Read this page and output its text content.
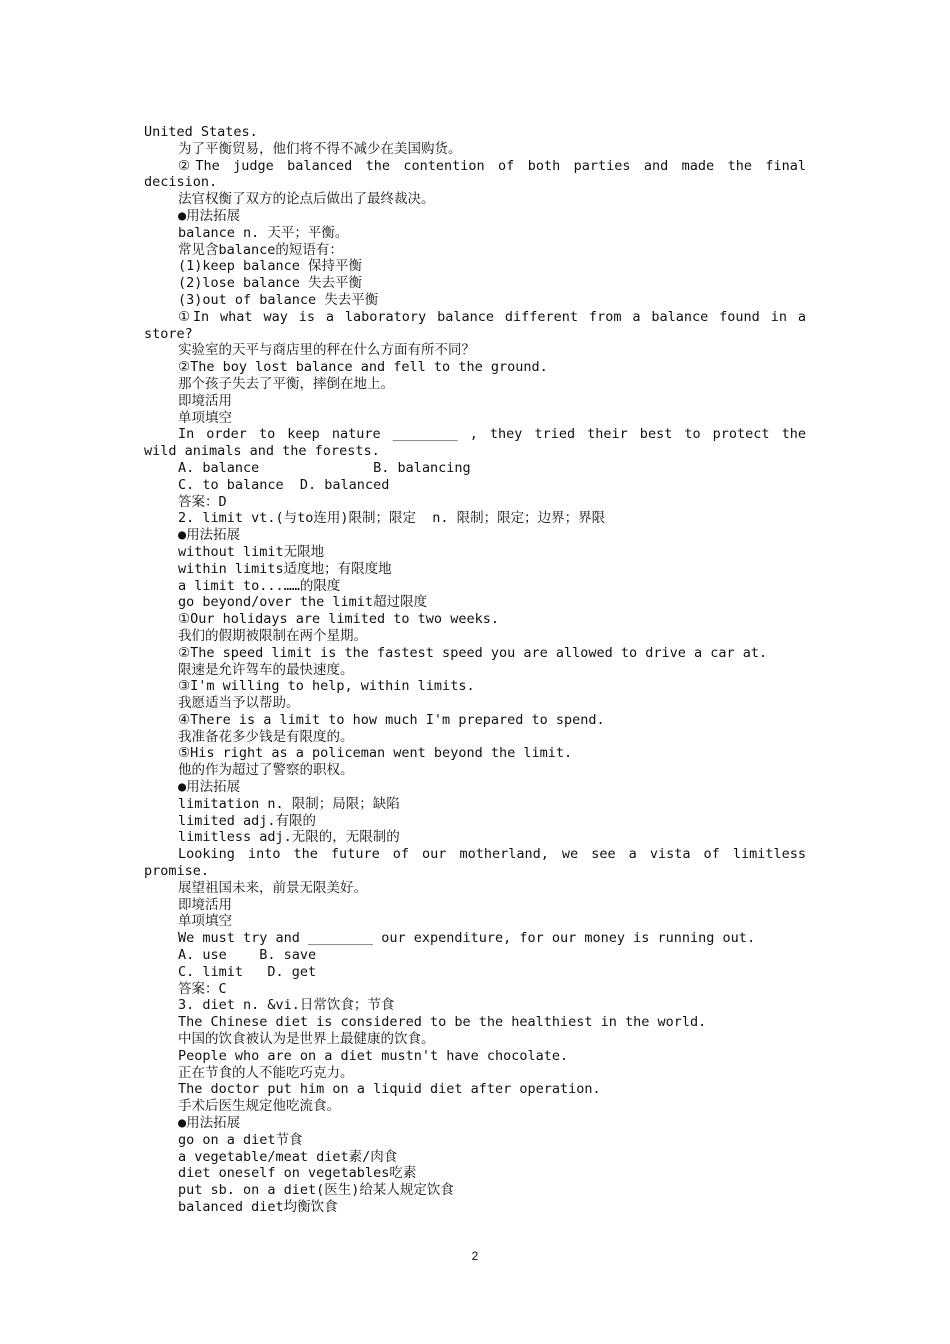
United States.
为了平衡贸易，他们将不得不减少在美国购货。
②The judge balanced the contention of both parties and made the final
decision.
法官权衡了双方的论点后做出了最终裁决。
●用法拓展
balance n. 天平；平衡。
常见含balance的短语有：
(1)keep balance 保持平衡
(2)lose balance 失去平衡
(3)out of balance 失去平衡
①In what way is a laboratory balance different from a balance found in a
store?
实验室的天平与商店里的秤在什么方面有所不同？
②The boy lost balance and fell to the ground.
那个孩子失去了平衡，摔倒在地上。
即境活用
单项填空
In order to keep nature ________ , they tried their best to protect the
wild animals and the forests.
A. balance              B. balancing
C. to balance  D. balanced
答案：D
2. limit vt.(与to连用)限制；限定  n. 限制；限定；边界；界限
●用法拓展
without limit无限地
within limits适度地；有限度地
a limit to...……的限度
go beyond/over the limit超过限度
①Our holidays are limited to two weeks.
我们的假期被限制在两个星期。
②The speed limit is the fastest speed you are allowed to drive a car at.
限速是允许驾车的最快速度。
③I'm willing to help, within limits.
我愿适当予以帮助。
④There is a limit to how much I'm prepared to spend.
我准备花多少钱是有限度的。
⑤His right as a policeman went beyond the limit.
他的作为超过了警察的职权。
●用法拓展
limitation n. 限制；局限；缺陷
limited adj.有限的
limitless adj.无限的，无限制的
Looking into the future of our motherland, we see a vista of limitless
promise.
展望祖国未来，前景无限美好。
即境活用
单项填空
We must try and ________ our expenditure, for our money is running out.
A. use    B. save
C. limit   D. get
答案：C
3. diet n. &vi.日常饮食；节食
The Chinese diet is considered to be the healthiest in the world.
中国的饮食被认为是世界上最健康的饮食。
People who are on a diet mustn't have chocolate.
正在节食的人不能吃巧克力。
The doctor put him on a liquid diet after operation.
手术后医生规定他吃流食。
●用法拓展
go on a diet节食
a vegetable/meat diet素/肉食
diet oneself on vegetables吃素
put sb. on a diet(医生)给某人规定饮食
balanced diet均衡饮食
2
